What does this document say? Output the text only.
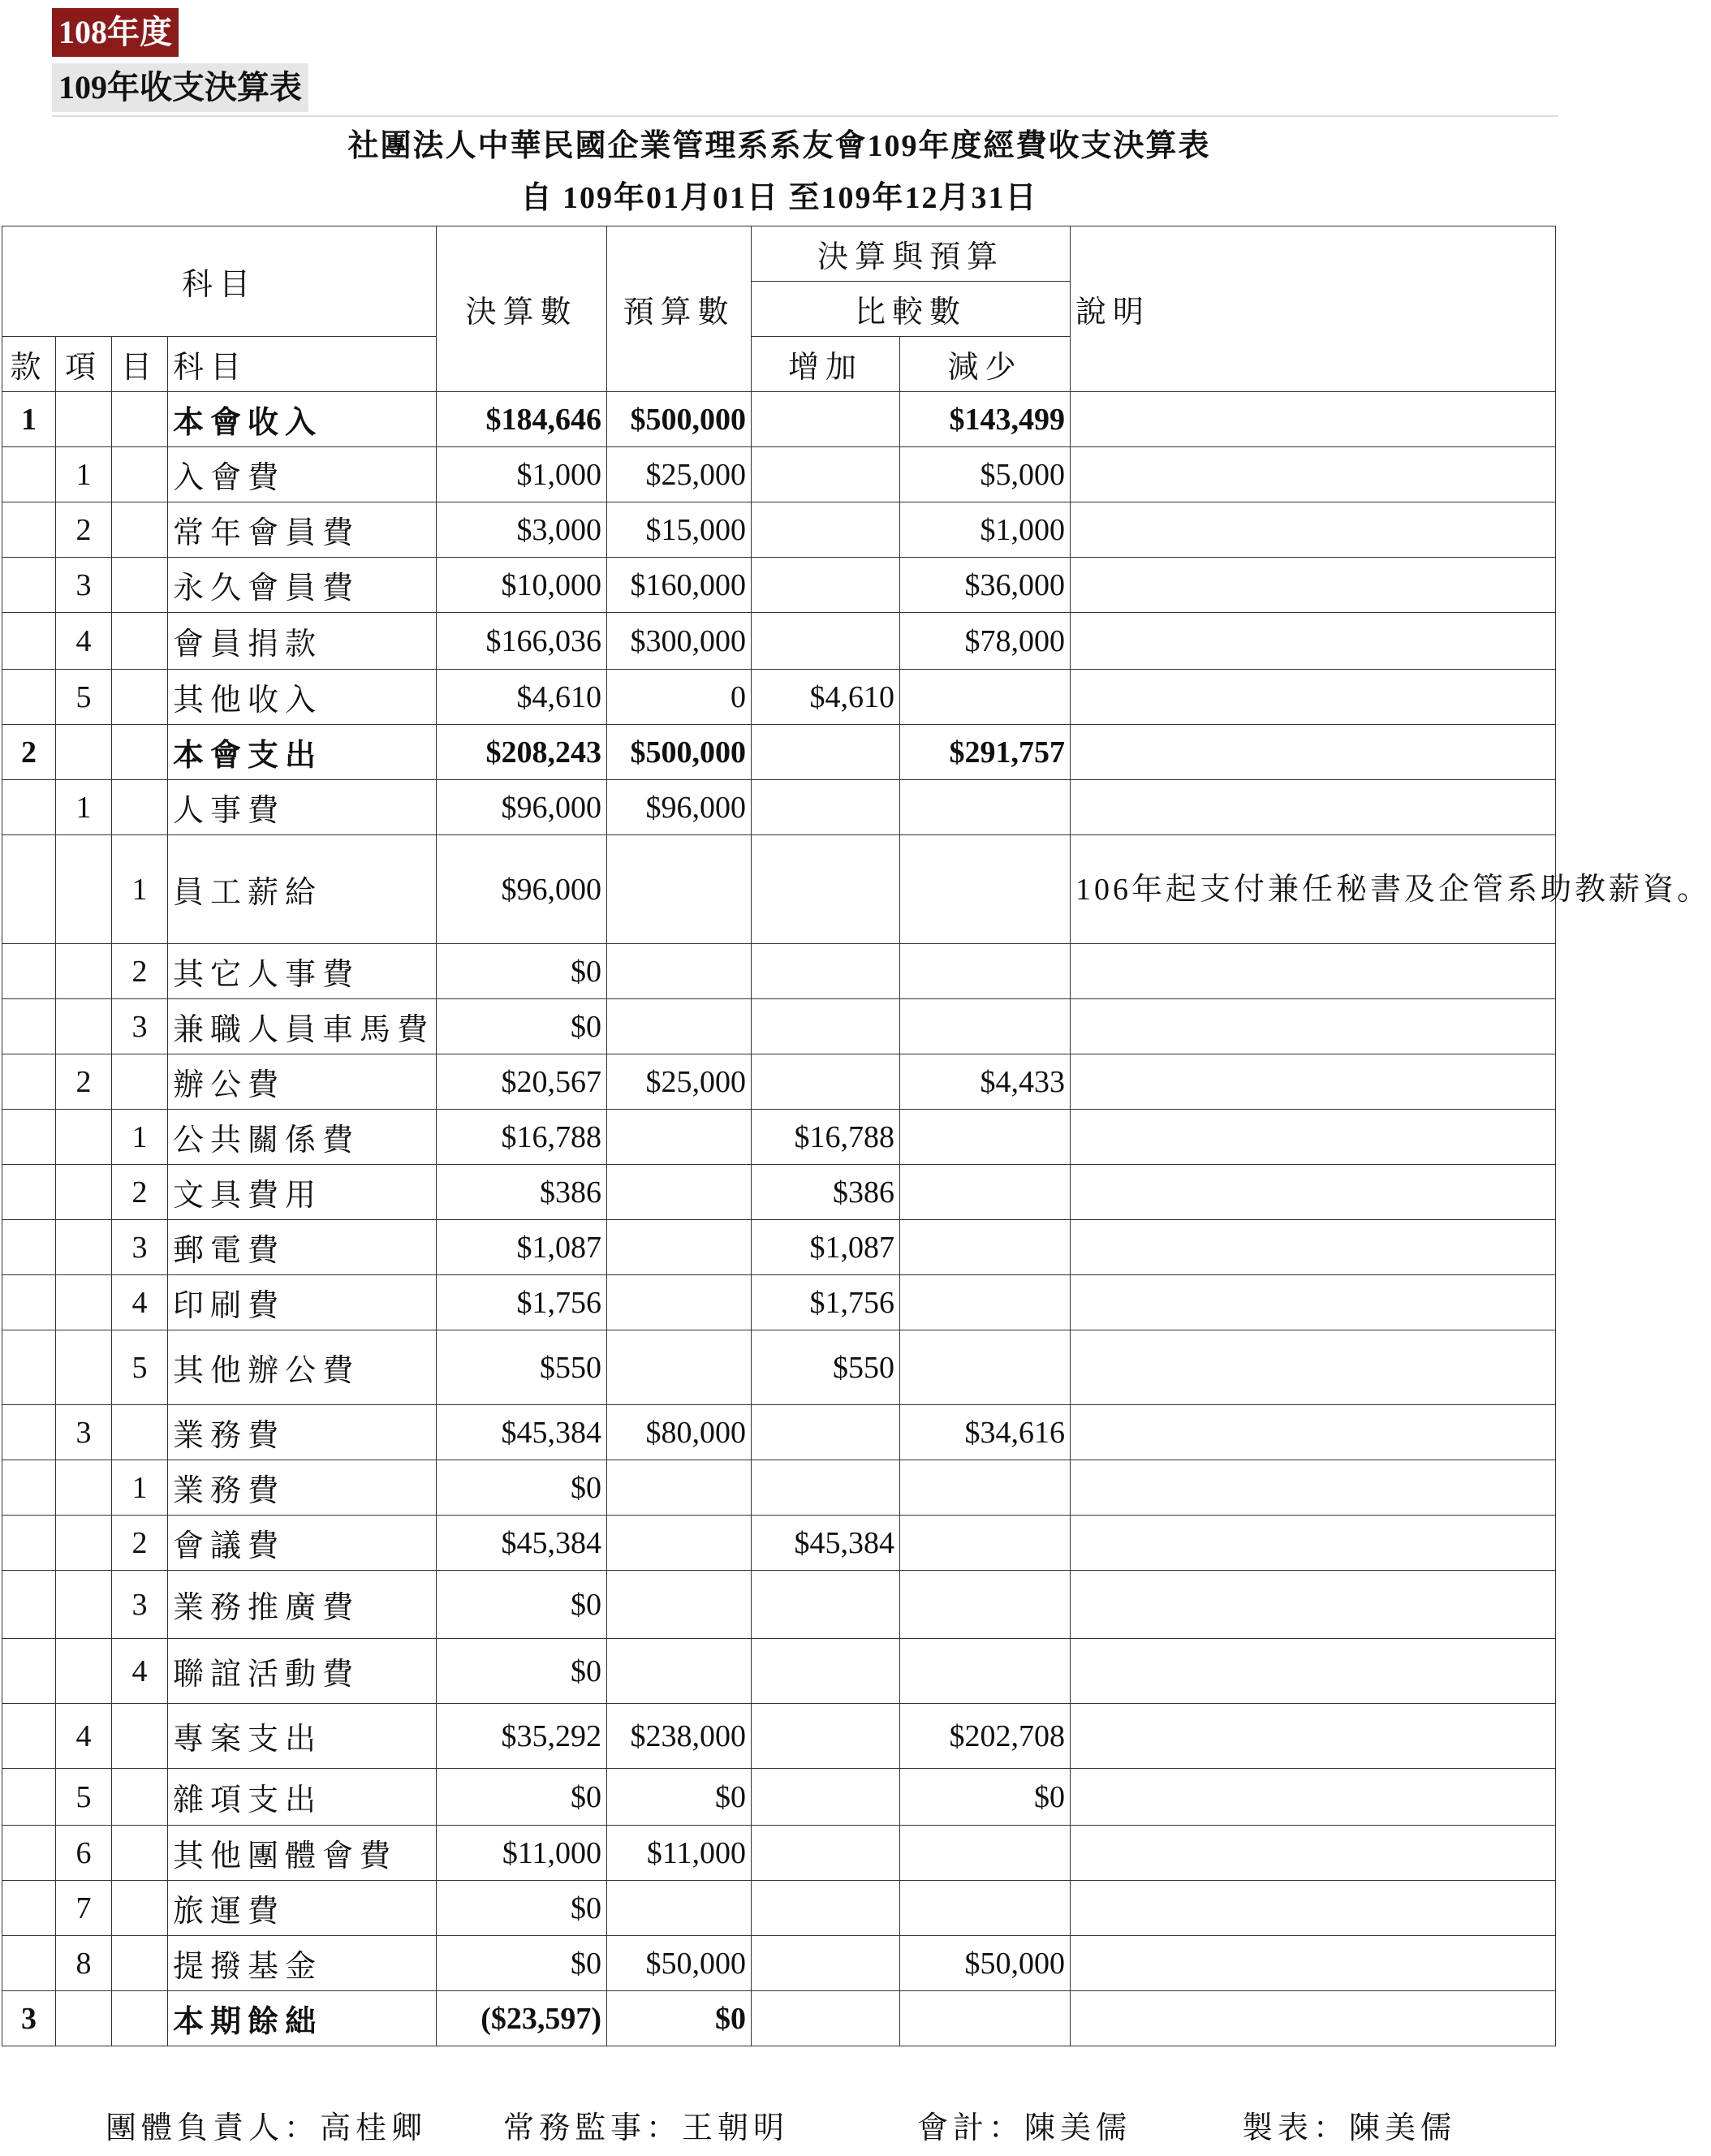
108年度
109年收支決算表
社團法人中華民國企業管理系系友會109年度經費收支決算表
自 109年01月01日 至109年12月31日
科目				決算數	預算數	決算與預算		說明
						比較數		
款	項	目	科目			增加	減少	
1			本會收入	$184,646	$500,000		$143,499	
	1		入會費	$1,000	$25,000		$5,000	
	2		常年會員費	$3,000	$15,000		$1,000	
	3		永久會員費	$10,000	$160,000		$36,000	
	4		會員捐款	$166,036	$300,000		$78,000	
	5		其他收入	$4,610	0	$4,610		
2			本會支出	$208,243	$500,000		$291,757	
	1		人事費	$96,000	$96,000			
		1	員工薪給	$96,000				106年起支付兼任秘書及企管系助教薪資。
		2	其它人事費	$0				
		3	兼職人員車馬費	$0				
	2		辦公費	$20,567	$25,000		$4,433	
		1	公共關係費	$16,788		$16,788		
		2	文具費用	$386		$386		
		3	郵電費	$1,087		$1,087		
		4	印刷費	$1,756		$1,756		
		5	其他辦公費	$550		$550		
	3		業務費	$45,384	$80,000		$34,616	
		1	業務費	$0				
		2	會議費	$45,384		$45,384		
		3	業務推廣費	$0				
		4	聯誼活動費	$0				
	4		專案支出	$35,292	$238,000		$202,708	
	5		雜項支出	$0	$0		$0	
	6		其他團體會費	$11,000	$11,000			
	7		旅運費	$0				
	8		提撥基金	$0	$50,000		$50,000	
3			本期餘絀	($23,597)	$0			
團體負責人：高桂卿 常務監事：王朝明	會計：陳美儒	製表：陳美儒
